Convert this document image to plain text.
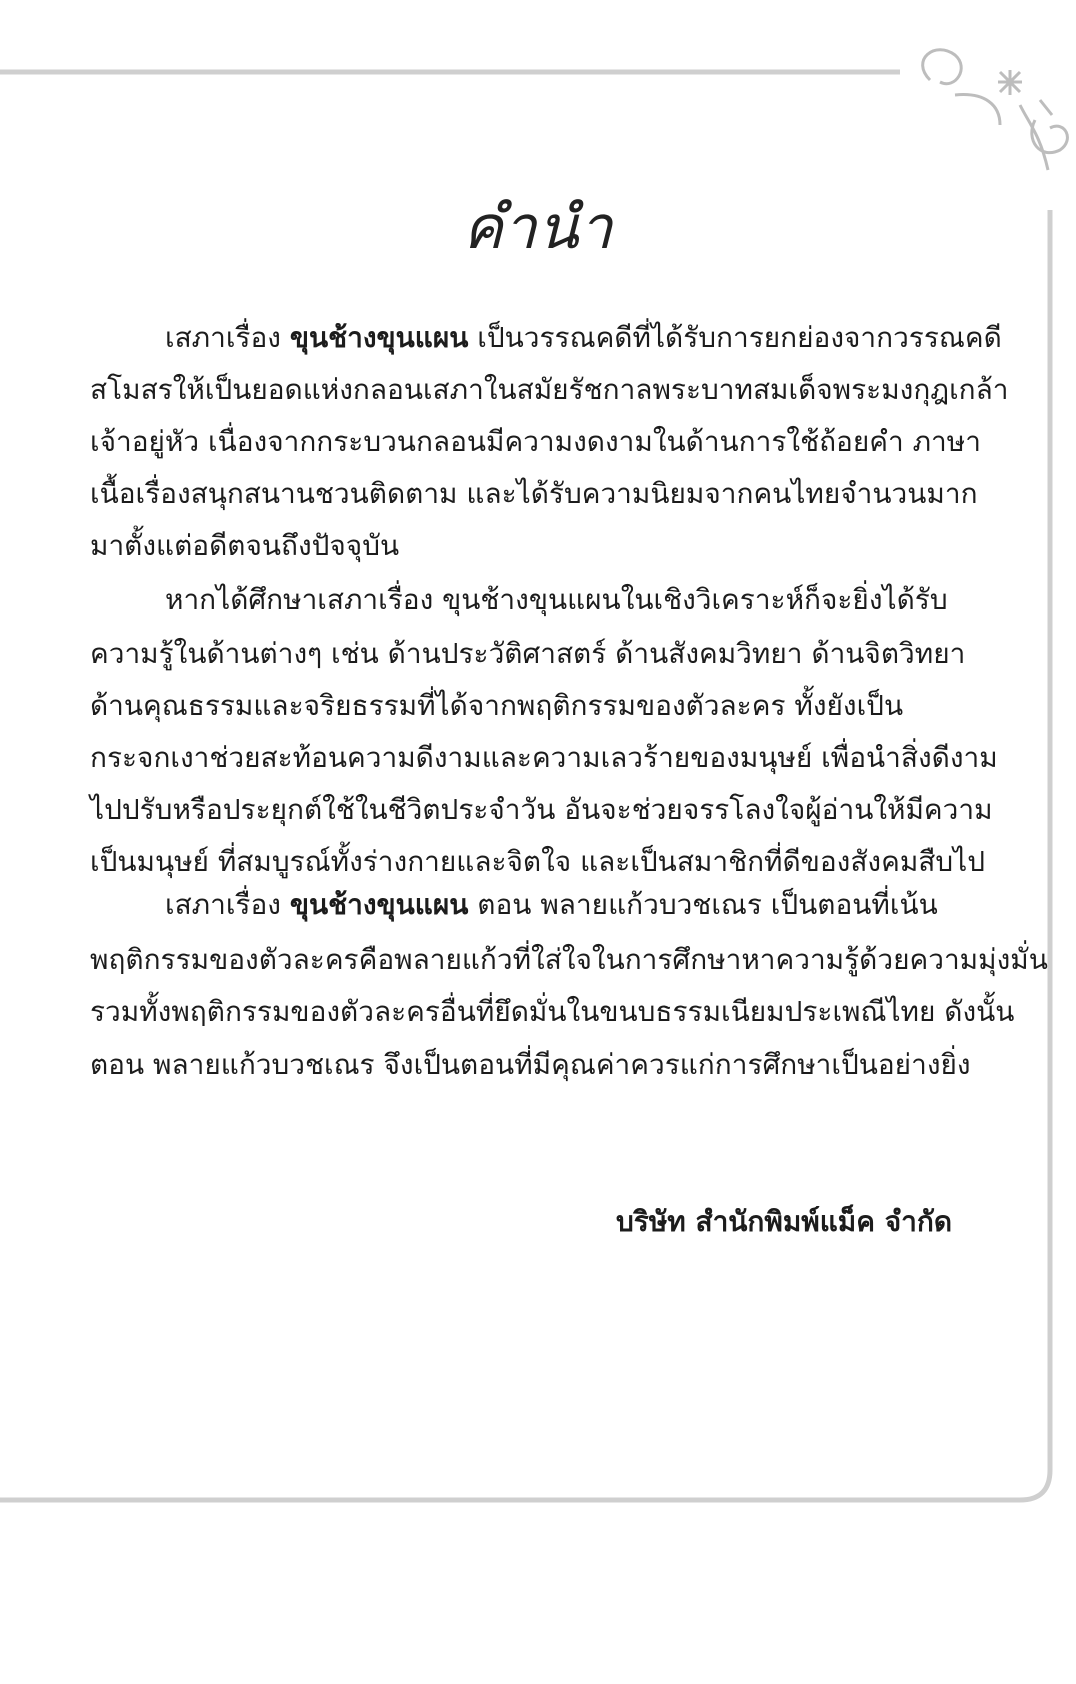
คำนำ
เสภาเรื่อง ขุนช้างขุนแผน เป็นวรรณคดีที่ได้รับการยกย่องจากวรรณคดี
สโมสรให้เป็นยอดแห่งกลอนเสภาในสมัยรัชกาลพระบาทสมเด็จพระมงกุฎเกล้า
เจ้าอยู่หัว เนื่องจากกระบวนกลอนมีความงดงามในด้านการใช้ถ้อยคำ ภาษา
เนื้อเรื่องสนุกสนานชวนติดตาม และได้รับความนิยมจากคนไทยจำนวนมาก
มาตั้งแต่อดีตจนถึงปัจจุบัน
หากได้ศึกษาเสภาเรื่อง ขุนช้างขุนแผนในเชิงวิเคราะห์ก็จะยิ่งได้รับ
ความรู้ในด้านต่างๆ เช่น ด้านประวัติศาสตร์ ด้านสังคมวิทยา ด้านจิตวิทยา
ด้านคุณธรรมและจริยธรรมที่ได้จากพฤติกรรมของตัวละคร ทั้งยังเป็น
กระจกเงาช่วยสะท้อนความดีงามและความเลวร้ายของมนุษย์ เพื่อนำสิ่งดีงาม
ไปปรับหรือประยุกต์ใช้ในชีวิตประจำวัน อันจะช่วยจรรโลงใจผู้อ่านให้มีความ
เป็นมนุษย์ ที่สมบูรณ์ทั้งร่างกายและจิตใจ และเป็นสมาชิกที่ดีของสังคมสืบไป
เสภาเรื่อง ขุนช้างขุนแผน ตอน พลายแก้วบวชเณร เป็นตอนที่เน้น
พฤติกรรมของตัวละครคือพลายแก้วที่ใส่ใจในการศึกษาหาความรู้ด้วยความมุ่งมั่น
รวมทั้งพฤติกรรมของตัวละครอื่นที่ยึดมั่นในขนบธรรมเนียมประเพณีไทย ดังนั้น
ตอน พลายแก้วบวชเณร จึงเป็นตอนที่มีคุณค่าควรแก่การศึกษาเป็นอย่างยิ่ง
บริษัท สำนักพิมพ์แม็ค จำกัด
